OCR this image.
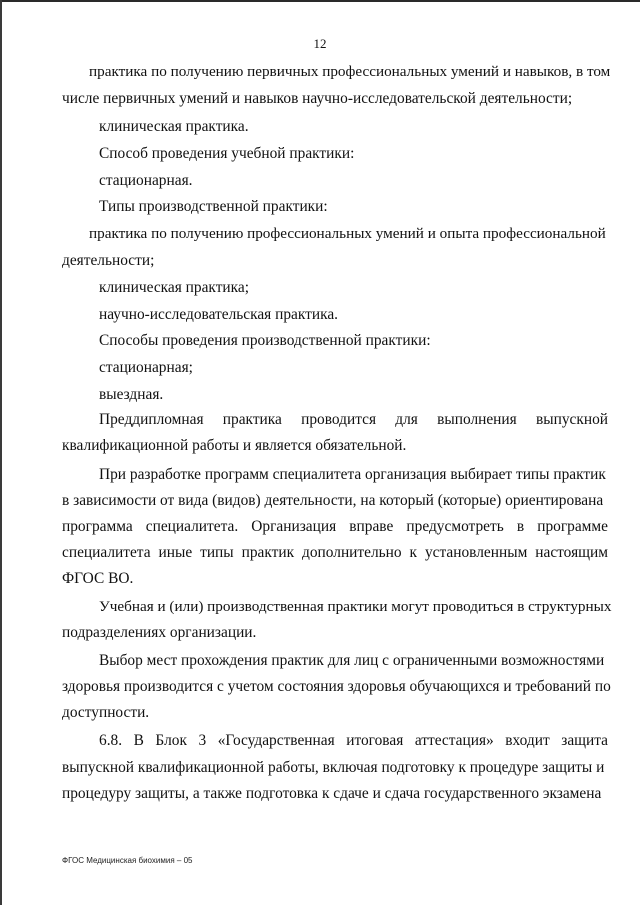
12
практика по получению первичных профессиональных умений и навыков, в том
числе первичных умений и навыков научно-исследовательской деятельности;
клиническая практика.
Способ проведения учебной практики:
стационарная.
Типы производственной практики:
практика по получению профессиональных умений и опыта профессиональной
деятельности;
клиническая практика;
научно-исследовательская практика.
Способы проведения производственной практики:
стационарная;
выездная.
Преддипломная практика проводится для выполнения выпускной
квалификационной работы и является обязательной.
При разработке программ специалитета организация выбирает типы практик
в зависимости от вида (видов) деятельности, на который (которые) ориентирована
программа специалитета. Организация вправе предусмотреть в программе
специалитета иные типы практик дополнительно к установленным настоящим
ФГОС ВО.
Учебная и (или) производственная практики могут проводиться в структурных
подразделениях организации.
Выбор мест прохождения практик для лиц с ограниченными возможностями
здоровья производится с учетом состояния здоровья обучающихся и требований по
доступности.
6.8. В Блок 3 «Государственная итоговая аттестация» входит защита
выпускной квалификационной работы, включая подготовку к процедуре защиты и
процедуру защиты, а также подготовка к сдаче и сдача государственного экзамена
ФГОС Медицинская биохимия – 05
